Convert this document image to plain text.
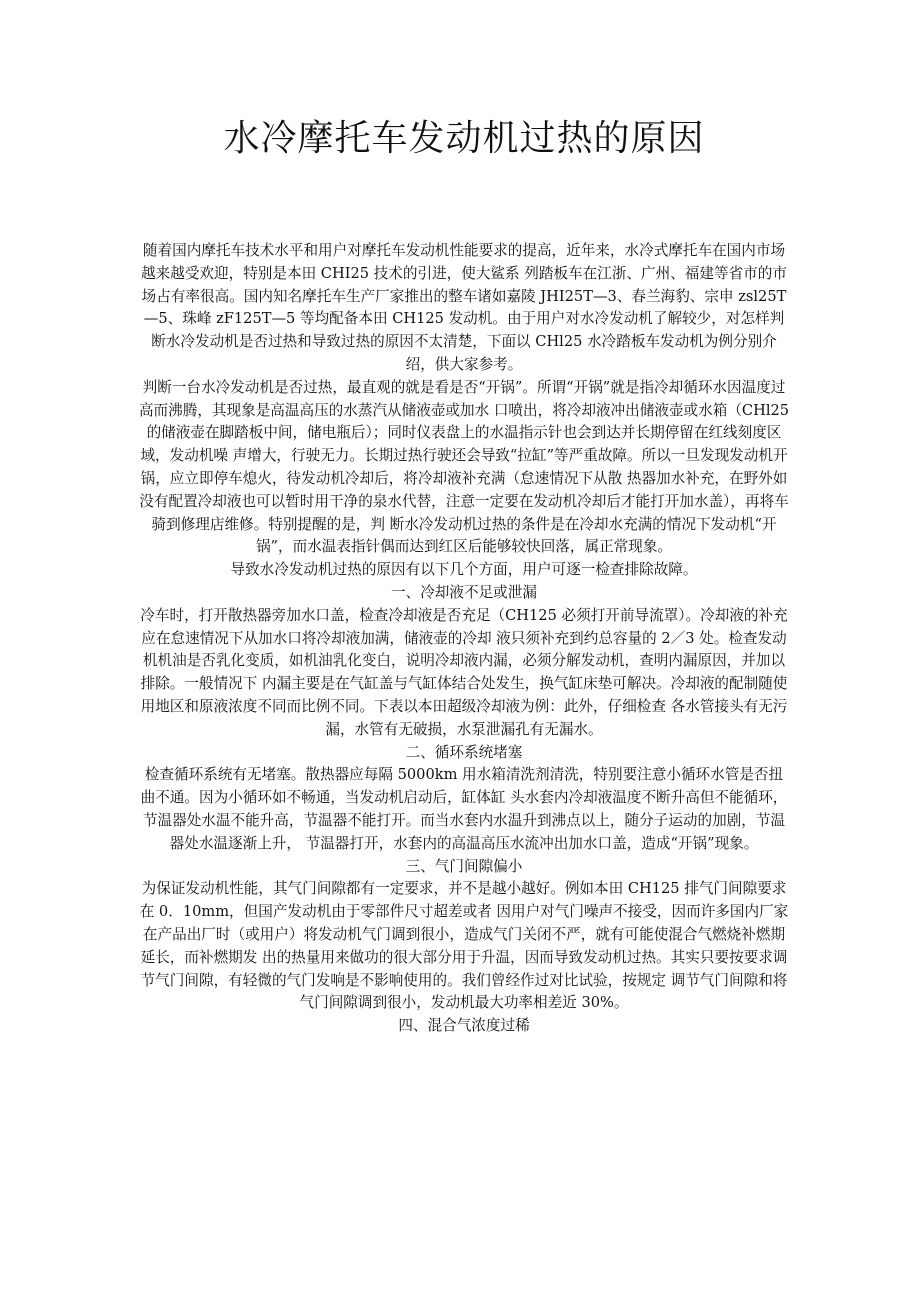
水冷摩托车发动机过热的原因

随着国内摩托车技术水平和用户对摩托车发动机性能要求的提高，近年来，水冷式摩托车在国内市场越来越受欢迎，特别是本田 CHI25 技术的引进，使大鲨系 列踏板车在江浙、广州、福建等省市的市场占有率很高。国内知名摩托车生产厂家推出的整车诸如嘉陵 JHI25T—3、春兰海豹、宗申 zsl25T—5、珠峰 zF125T—5 等均配备本田 CH125 发动机。由于用户对水冷发动机了解较少，对怎样判断水冷发动机是否过热和导致过热的原因不太清楚，下面以 CHl25 水冷踏板车发动机为例分别介绍，供大家参考。

判断一台水冷发动机是否过热，最直观的就是看是否“开锅”。所谓“开锅”就是指冷却循环水因温度过高而沸腾，其现象是高温高压的水蒸汽从储液壶或加水 口喷出，将冷却液冲出储液壶或水箱（CHl25 的储液壶在脚踏板中间，储电瓶后）；同时仪表盘上的水温指示针也会到达并长期停留在红线刻度区域，发动机噪 声增大，行驶无力。长期过热行驶还会导致“拉缸”等严重故障。所以一旦发现发动机开锅，应立即停车熄火，待发动机冷却后，将冷却液补充满（怠速情况下从散 热器加水补充，在野外如没有配置冷却液也可以暂时用干净的泉水代替，注意一定要在发动机冷却后才能打开加水盖），再将车骑到修理店维修。特别提醒的是，判 断水冷发动机过热的条件是在冷却水充满的情况下发动机“开锅”，而水温表指针偶而达到红区后能够较快回落，属正常现象。

导致水冷发动机过热的原因有以下几个方面，用户可逐一检查排除故障。

一、冷却液不足或泄漏

冷车时，打开散热器旁加水口盖，检查冷却液是否充足（CH125 必须打开前导流罩）。冷却液的补充应在怠速情况下从加水口将冷却液加满，储液壶的冷却 液只须补充到约总容量的 2／3 处。检查发动机机油是否乳化变质，如机油乳化变白，说明冷却液内漏，必须分解发动机，查明内漏原因，并加以排除。一般情况下 内漏主要是在气缸盖与气缸体结合处发生，换气缸床垫可解决。冷却液的配制随使用地区和原液浓度不同而比例不同。下表以本田超级冷却液为例：此外，仔细检查 各水管接头有无污漏，水管有无破损，水泵泄漏孔有无漏水。

二、循环系统堵塞

检查循环系统有无堵塞。散热器应每隔 5000km 用水箱清洗剂清洗，特别要注意小循环水管是否扭曲不通。因为小循环如不畅通，当发动机启动后，缸体缸 头水套内冷却液温度不断升高但不能循环，节温器处水温不能升高，节温器不能打开。而当水套内水温升到沸点以上，随分子运动的加剧，节温器处水温逐渐上升， 节温器打开，水套内的高温高压水流冲出加水口盖，造成“开锅”现象。

三、气门间隙偏小

为保证发动机性能，其气门间隙都有一定要求，并不是越小越好。例如本田 CH125 排气门间隙要求在 0．10mm，但国产发动机由于零部件尺寸超差或者 因用户对气门噪声不接受，因而许多国内厂家在产品出厂时（或用户）将发动机气门调到很小，造成气门关闭不严，就有可能使混合气燃烧补燃期延长，而补燃期发 出的热量用来做功的很大部分用于升温，因而导致发动机过热。其实只要按要求调节气门间隙，有轻微的气门发响是不影响使用的。我们曾经作过对比试验，按规定 调节气门间隙和将气门间隙调到很小，发动机最大功率相差近 30%。

四、混合气浓度过稀
